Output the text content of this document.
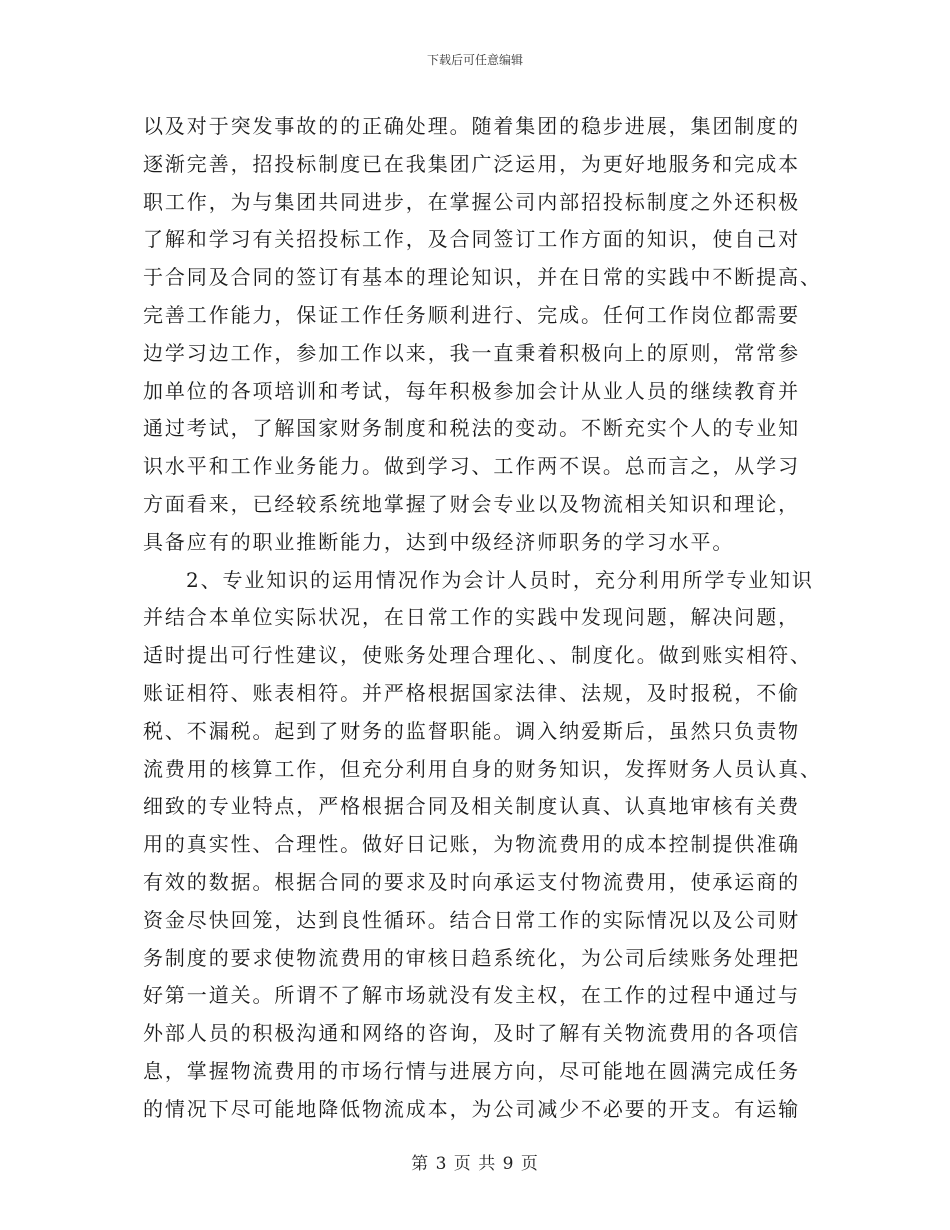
下载后可任意编辑
以及对于突发事故的的正确处理。随着集团的稳步进展，集团制度的
逐渐完善，招投标制度已在我集团广泛运用，为更好地服务和完成本
职工作，为与集团共同进步，在掌握公司内部招投标制度之外还积极
了解和学习有关招投标工作，及合同签订工作方面的知识，使自己对
于合同及合同的签订有基本的理论知识，并在日常的实践中不断提高、
完善工作能力，保证工作任务顺利进行、完成。任何工作岗位都需要
边学习边工作，参加工作以来，我一直秉着积极向上的原则，常常参
加单位的各项培训和考试，每年积极参加会计从业人员的继续教育并
通过考试，了解国家财务制度和税法的变动。不断充实个人的专业知
识水平和工作业务能力。做到学习、工作两不误。总而言之，从学习
方面看来，已经较系统地掌握了财会专业以及物流相关知识和理论，
具备应有的职业推断能力，达到中级经济师职务的学习水平。
2、专业知识的运用情况作为会计人员时，充分利用所学专业知识
并结合本单位实际状况，在日常工作的实践中发现问题，解决问题，
适时提出可行性建议，使账务处理合理化、、制度化。做到账实相符、
账证相符、账表相符。并严格根据国家法律、法规，及时报税，不偷
税、不漏税。起到了财务的监督职能。调入纳爱斯后，虽然只负责物
流费用的核算工作，但充分利用自身的财务知识，发挥财务人员认真、
细致的专业特点，严格根据合同及相关制度认真、认真地审核有关费
用的真实性、合理性。做好日记账，为物流费用的成本控制提供准确
有效的数据。根据合同的要求及时向承运支付物流费用，使承运商的
资金尽快回笼，达到良性循环。结合日常工作的实际情况以及公司财
务制度的要求使物流费用的审核日趋系统化，为公司后续账务处理把
好第一道关。所谓不了解市场就没有发主权，在工作的过程中通过与
外部人员的积极沟通和网络的咨询，及时了解有关物流费用的各项信
息，掌握物流费用的市场行情与进展方向，尽可能地在圆满完成任务
的情况下尽可能地降低物流成本，为公司减少不必要的开支。有运输
第 3 页 共 9 页
